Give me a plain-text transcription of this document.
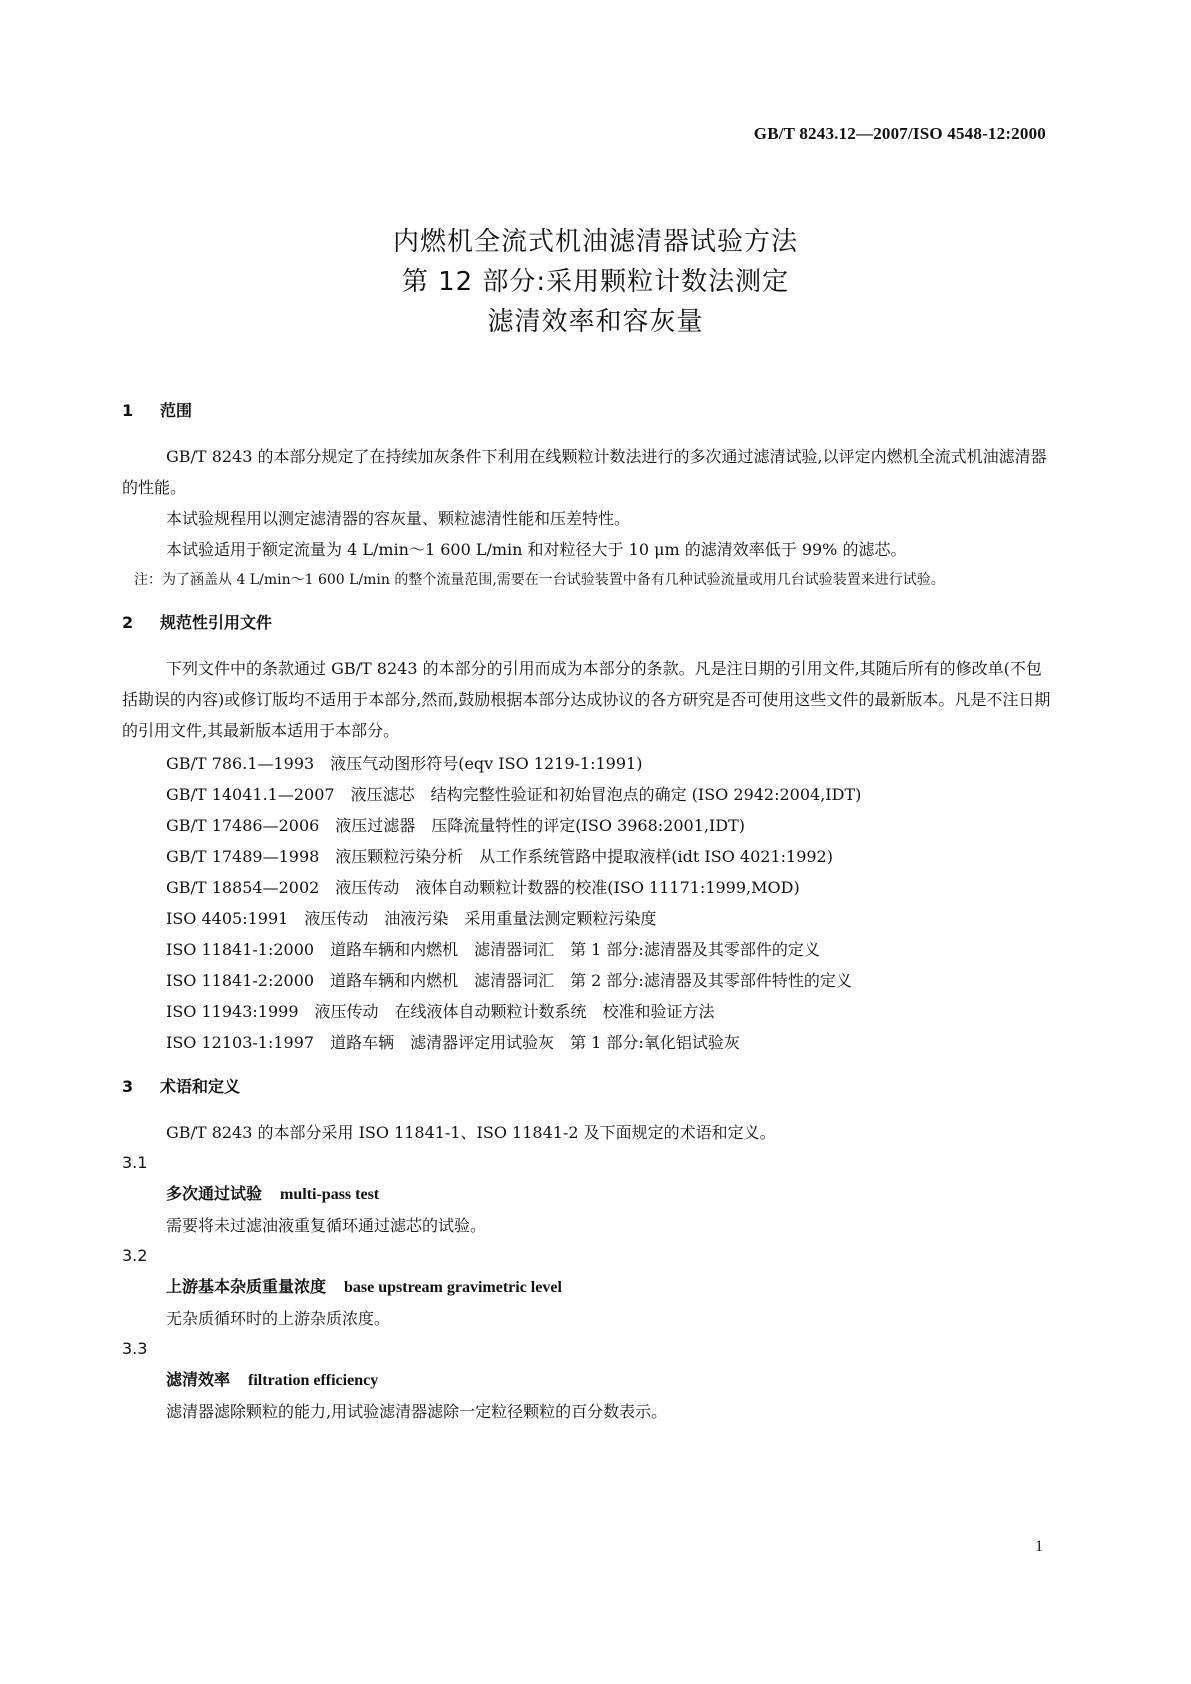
GB/T 8243.12—2007/ISO 4548-12:2000
内燃机全流式机油滤清器试验方法
第 12 部分:采用颗粒计数法测定
滤清效率和容灰量
1 范围

GB/T 8243 的本部分规定了在持续加灰条件下利用在线颗粒计数法进行的多次通过滤清试验,以评定内燃机全流式机油滤清器的性能。

本试验规程用以测定滤清器的容灰量、颗粒滤清性能和压差特性。

本试验适用于额定流量为 4 L/min～1 600 L/min 和对粒径大于 10 μm 的滤清效率低于 99% 的滤芯。

注：为了涵盖从 4 L/min～1 600 L/min 的整个流量范围,需要在一台试验装置中备有几种试验流量或用几台试验装置来进行试验。

2 规范性引用文件

下列文件中的条款通过 GB/T 8243 的本部分的引用而成为本部分的条款。凡是注日期的引用文件,其随后所有的修改单(不包括勘误的内容)或修订版均不适用于本部分,然而,鼓励根据本部分达成协议的各方研究是否可使用这些文件的最新版本。凡是不注日期的引用文件,其最新版本适用于本部分。

GB/T 786.1—1993　液压气动图形符号(eqv ISO 1219-1:1991)
GB/T 14041.1—2007　液压滤芯　结构完整性验证和初始冒泡点的确定 (ISO 2942:2004,IDT)
GB/T 17486—2006　液压过滤器　压降流量特性的评定(ISO 3968:2001,IDT)
GB/T 17489—1998　液压颗粒污染分析　从工作系统管路中提取液样(idt ISO 4021:1992)
GB/T 18854—2002　液压传动　液体自动颗粒计数器的校准(ISO 11171:1999,MOD)
ISO 4405:1991　液压传动　油液污染　采用重量法测定颗粒污染度
ISO 11841-1:2000　道路车辆和内燃机　滤清器词汇　第 1 部分:滤清器及其零部件的定义
ISO 11841-2:2000　道路车辆和内燃机　滤清器词汇　第 2 部分:滤清器及其零部件特性的定义
ISO 11943:1999　液压传动　在线液体自动颗粒计数系统　校准和验证方法
ISO 12103-1:1997　道路车辆　滤清器评定用试验灰　第 1 部分:氧化铝试验灰
3 术语和定义

GB/T 8243 的本部分采用 ISO 11841-1、ISO 11841-2 及下面规定的术语和定义。

3.1

多次通过试验 multi-pass test

需要将未过滤油液重复循环通过滤芯的试验。

3.2

上游基本杂质重量浓度 base upstream gravimetric level

无杂质循环时的上游杂质浓度。

3.3

滤清效率 filtration efficiency

滤清器滤除颗粒的能力,用试验滤清器滤除一定粒径颗粒的百分数表示。

1
